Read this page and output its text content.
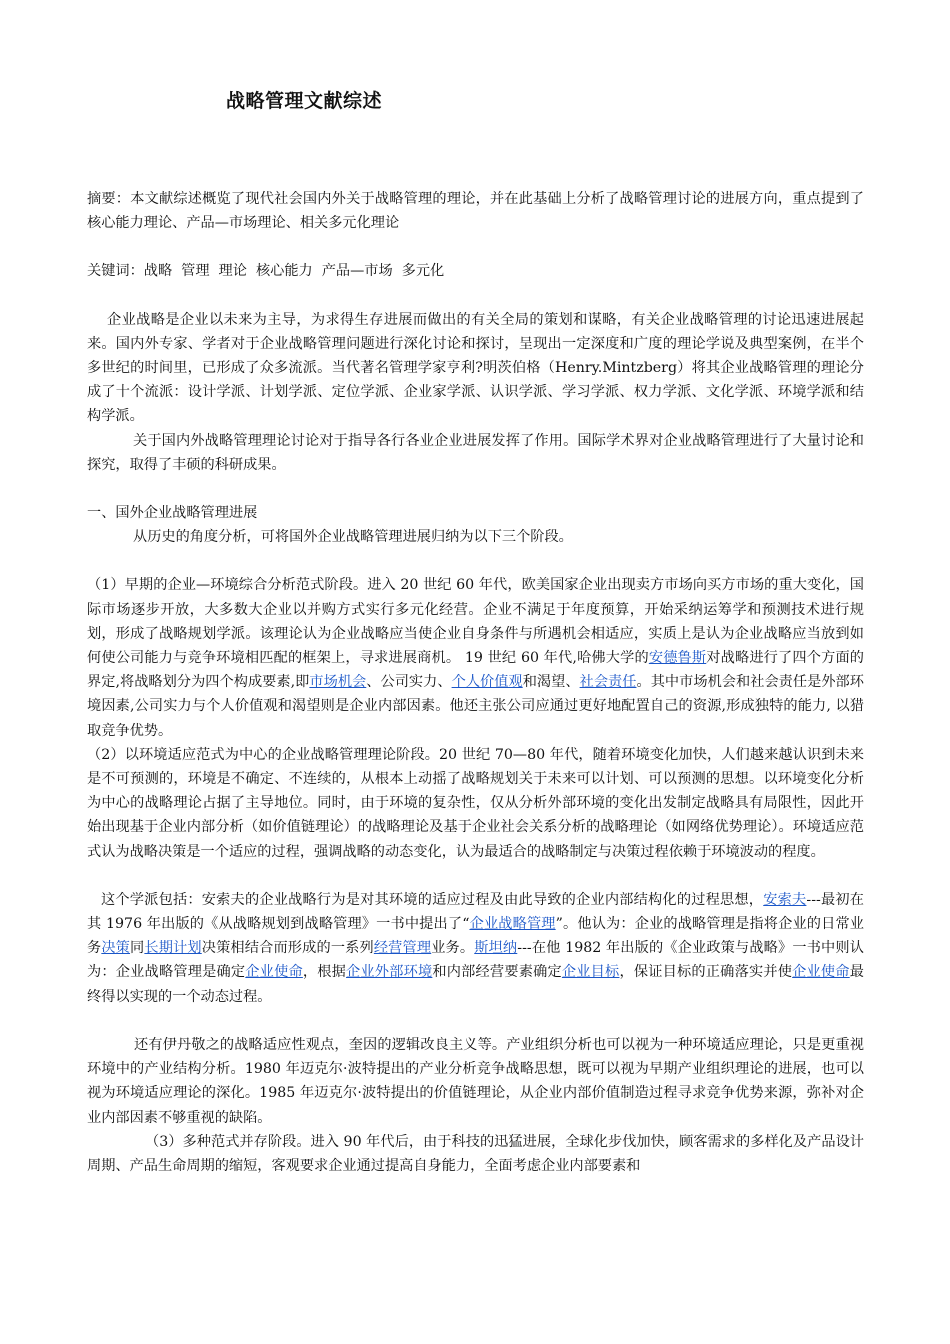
战略管理文献综述

摘要：本文献综述概览了现代社会国内外关于战略管理的理论，并在此基础上分析了战略管理讨论的进展方向，重点提到了核心能力理论、产品—市场理论、相关多元化理论

关键词：战略 管理 理论 核心能力 产品—市场 多元化

企业战略是企业以未来为主导，为求得生存进展而做出的有关全局的策划和谋略，有关企业战略管理的讨论迅速进展起来。国内外专家、学者对于企业战略管理问题进行深化讨论和探讨，呈现出一定深度和广度的理论学说及典型案例，在半个多世纪的时间里，已形成了众多流派。当代著名管理学家亨利?明茨伯格（Henry.Mintzberg）将其企业战略管理的理论分成了十个流派：设计学派、计划学派、定位学派、企业家学派、认识学派、学习学派、权力学派、文化学派、环境学派和结构学派。

关于国内外战略管理理论讨论对于指导各行各业企业进展发挥了作用。国际学术界对企业战略管理进行了大量讨论和探究，取得了丰硕的科研成果。

一、国外企业战略管理进展

从历史的角度分析，可将国外企业战略管理进展归纳为以下三个阶段。

（1）早期的企业—环境综合分析范式阶段。进入 20 世纪 60 年代，欧美国家企业出现卖方市场向买方市场的重大变化，国际市场逐步开放，大多数大企业以并购方式实行多元化经营。企业不满足于年度预算，开始采纳运筹学和预测技术进行规划，形成了战略规划学派。该理论认为企业战略应当使企业自身条件与所遇机会相适应，实质上是认为企业战略应当放到如何使公司能力与竞争环境相匹配的框架上，寻求进展商机。 19 世纪 60 年代,哈佛大学的安德鲁斯对战略进行了四个方面的界定,将战略划分为四个构成要素,即市场机会、公司实力、个人价值观和渴望、社会责任。其中市场机会和社会责任是外部环境因素,公司实力与个人价值观和渴望则是企业内部因素。他还主张公司应通过更好地配置自己的资源,形成独特的能力, 以猎取竞争优势。

（2）以环境适应范式为中心的企业战略管理理论阶段。20 世纪 70—80 年代，随着环境变化加快，人们越来越认识到未来是不可预测的，环境是不确定、不连续的，从根本上动摇了战略规划关于未来可以计划、可以预测的思想。以环境变化分析为中心的战略理论占据了主导地位。同时，由于环境的复杂性，仅从分析外部环境的变化出发制定战略具有局限性，因此开始出现基于企业内部分析（如价值链理论）的战略理论及基于企业社会关系分析的战略理论（如网络优势理论）。环境适应范式认为战略决策是一个适应的过程，强调战略的动态变化，认为最适合的战略制定与决策过程依赖于环境波动的程度。

这个学派包括：安索夫的企业战略行为是对其环境的适应过程及由此导致的企业内部结构化的过程思想，安索夫---最初在其 1976 年出版的《从战略规划到战略管理》一书中提出了“企业战略管理”。他认为：企业的战略管理是指将企业的日常业务决策同长期计划决策相结合而形成的一系列经营管理业务。斯坦纳---在他 1982 年出版的《企业政策与战略》一书中则认为：企业战略管理是确定企业使命，根据企业外部环境和内部经营要素确定企业目标，保证目标的正确落实并使企业使命最终得以实现的一个动态过程。

还有伊丹敬之的战略适应性观点，奎因的逻辑改良主义等。产业组织分析也可以视为一种环境适应理论，只是更重视环境中的产业结构分析。1980 年迈克尔·波特提出的产业分析竞争战略思想，既可以视为早期产业组织理论的进展，也可以视为环境适应理论的深化。1985 年迈克尔·波特提出的价值链理论，从企业内部价值制造过程寻求竞争优势来源，弥补对企业内部因素不够重视的缺陷。

（3）多种范式并存阶段。进入 90 年代后，由于科技的迅猛进展，全球化步伐加快，顾客需求的多样化及产品设计周期、产品生命周期的缩短，客观要求企业通过提高自身能力，全面考虑企业内部要素和
